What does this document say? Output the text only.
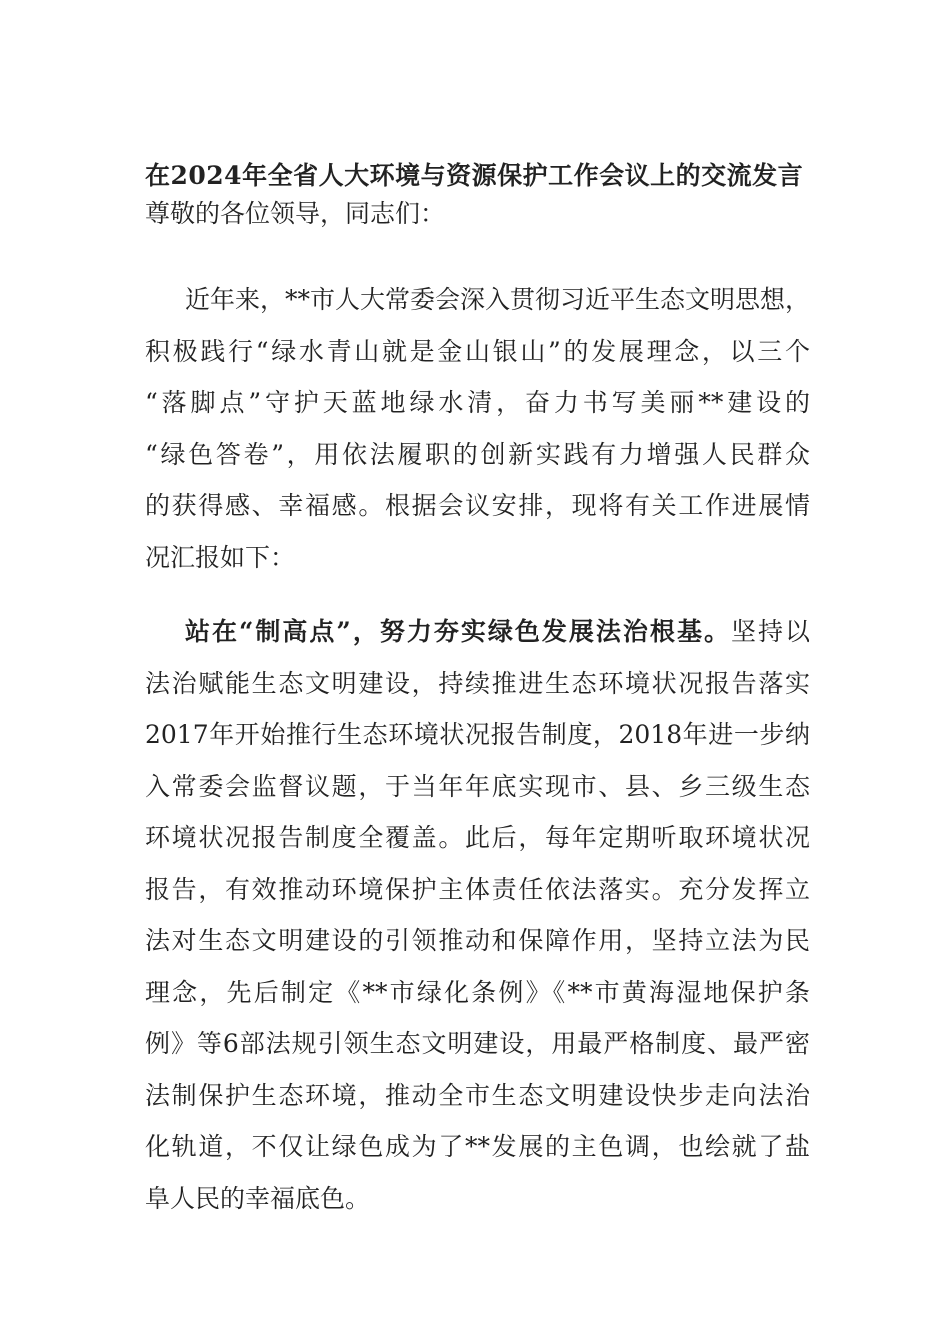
在2024年全省人大环境与资源保护工作会议上的交流发言
尊敬的各位领导，同志们：
近年来，**市人大常委会深入贯彻习近平生态文明思想，
积极践行“绿水青山就是金山银山”的发展理念，以三个
“落脚点”守护天蓝地绿水清，奋力书写美丽**建设的
“绿色答卷”，用依法履职的创新实践有力增强人民群众
的获得感、幸福感。根据会议安排，现将有关工作进展情
况汇报如下：
站在“制高点”，努力夯实绿色发展法治根基。坚持以
法治赋能生态文明建设，持续推进生态环境状况报告落实
2017年开始推行生态环境状况报告制度，2018年进一步纳
入常委会监督议题，于当年年底实现市、县、乡三级生态
环境状况报告制度全覆盖。此后，每年定期听取环境状况
报告，有效推动环境保护主体责任依法落实。充分发挥立
法对生态文明建设的引领推动和保障作用，坚持立法为民
理念，先后制定《**市绿化条例》《**市黄海湿地保护条
例》等6部法规引领生态文明建设，用最严格制度、最严密
法制保护生态环境，推动全市生态文明建设快步走向法治
化轨道，不仅让绿色成为了**发展的主色调，也绘就了盐
阜人民的幸福底色。
